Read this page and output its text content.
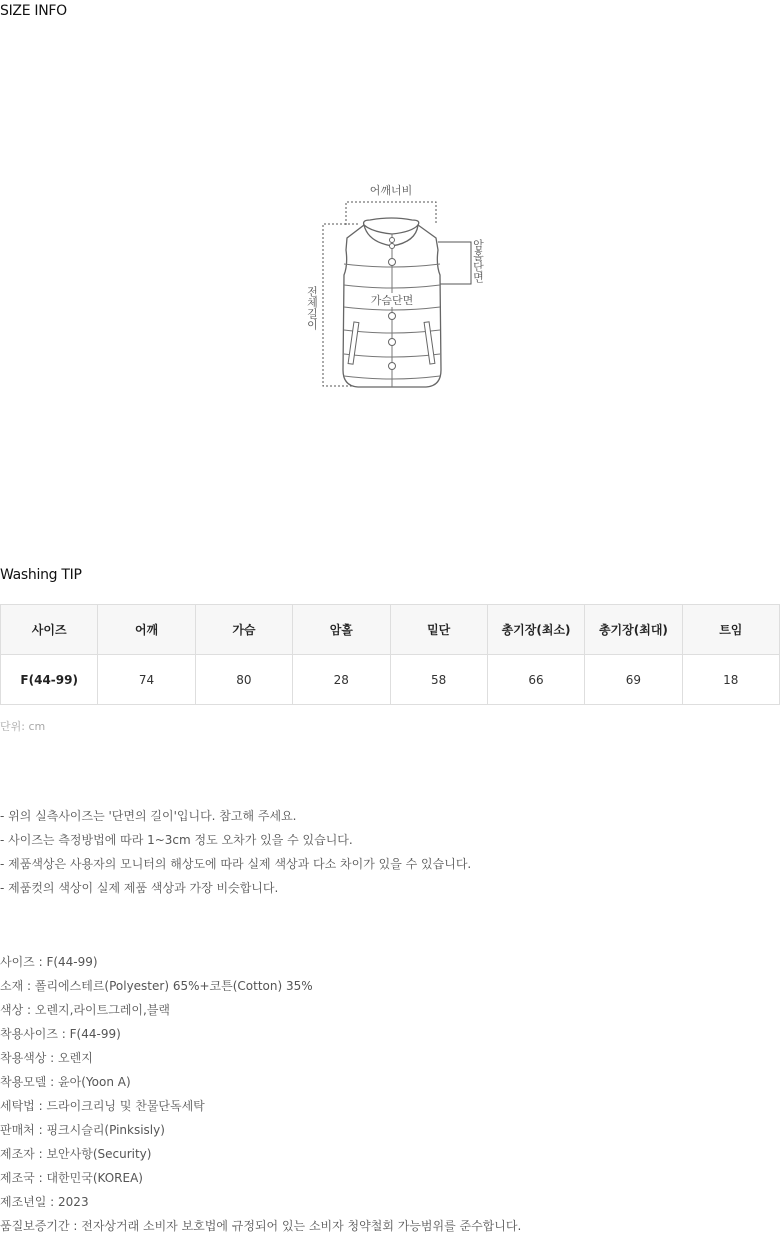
SIZE INFO
어깨너비
가슴단면
암홀단면
전체길이
Washing TIP
사이즈	어깨	가슴	암홀	밑단	총기장(최소)	총기장(최대)	트임
F(44-99)	74	80	28	58	66	69	18
단위: cm
- 위의 실측사이즈는 '단면의 길이'입니다. 참고해 주세요.
- 사이즈는 측정방법에 따라 1~3cm 정도 오차가 있을 수 있습니다.
- 제품색상은 사용자의 모니터의 해상도에 따라 실제 색상과 다소 차이가 있을 수 있습니다.
- 제품컷의 색상이 실제 제품 색상과 가장 비슷합니다.
사이즈 : F(44-99)
소재 : 폴리에스테르(Polyester) 65%+코튼(Cotton) 35%
색상 : 오렌지,라이트그레이,블랙
착용사이즈 : F(44-99)
착용색상 : 오렌지
착용모델 : 윤아(Yoon A)
세탁법 : 드라이크리닝 및 찬물단독세탁
판매처 : 핑크시슬리(Pinksisly)
제조자 : 보안사항(Security)
제조국 : 대한민국(KOREA)
제조년일 : 2023
품질보증기간 : 전자상거래 소비자 보호법에 규정되어 있는 소비자 청약철회 가능범위를 준수합니다.
